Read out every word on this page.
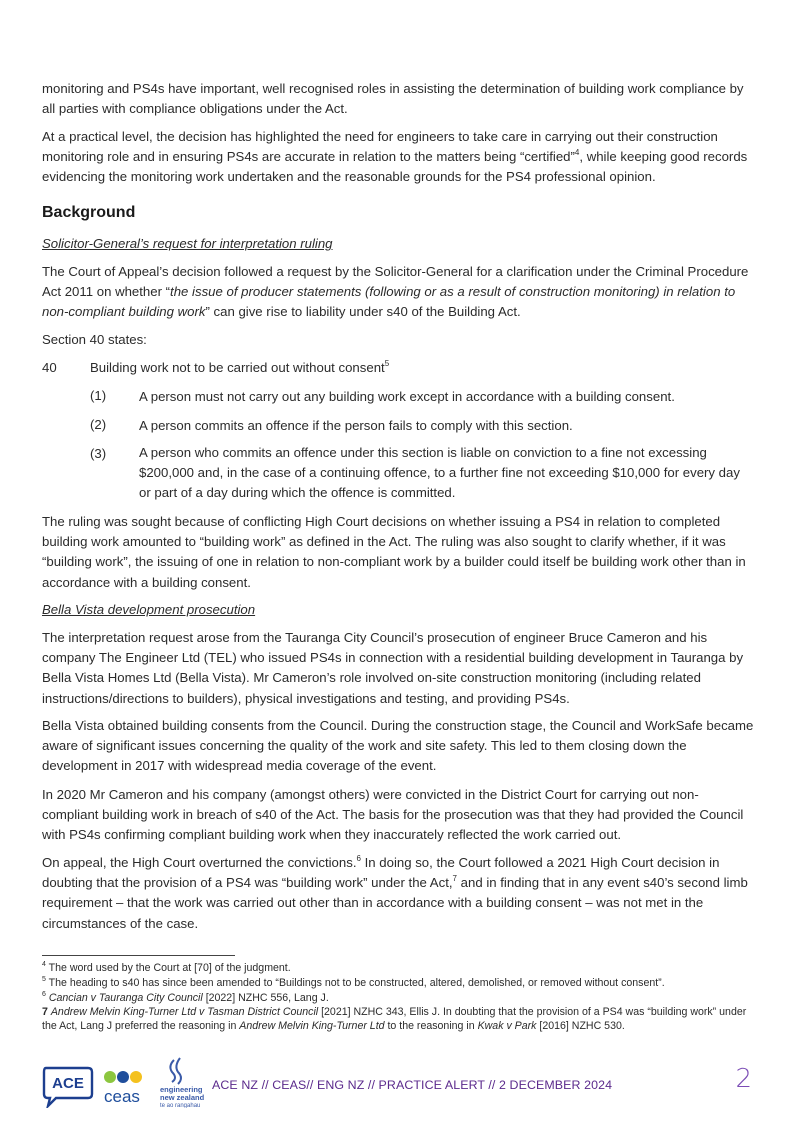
monitoring and PS4s have important, well recognised roles in assisting the determination of building work compliance by all parties with compliance obligations under the Act.
At a practical level, the decision has highlighted the need for engineers to take care in carrying out their construction monitoring role and in ensuring PS4s are accurate in relation to the matters being “certified”$^4$, while keeping good records evidencing the monitoring work undertaken and the reasonable grounds for the PS4 professional opinion.
Background
Solicitor-General’s request for interpretation ruling
The Court of Appeal’s decision followed a request by the Solicitor-General for a clarification under the Criminal Procedure Act 2011 on whether “the issue of producer statements (following or as a result of construction monitoring) in relation to non-compliant building work” can give rise to liability under s40 of the Building Act.
Section 40 states:
40	Building work not to be carried out without consent$^5$
(1) A person must not carry out any building work except in accordance with a building consent.
(2) A person commits an offence if the person fails to comply with this section.
(3) A person who commits an offence under this section is liable on conviction to a fine not excessing $200,000 and, in the case of a continuing offence, to a further fine not exceeding $10,000 for every day or part of a day during which the offence is committed.
The ruling was sought because of conflicting High Court decisions on whether issuing a PS4 in relation to completed building work amounted to “building work” as defined in the Act. The ruling was also sought to clarify whether, if it was “building work”, the issuing of one in relation to non-compliant work by a builder could itself be building work other than in accordance with a building consent.
Bella Vista development prosecution
The interpretation request arose from the Tauranga City Council’s prosecution of engineer Bruce Cameron and his company The Engineer Ltd (TEL) who issued PS4s in connection with a residential building development in Tauranga by Bella Vista Homes Ltd (Bella Vista). Mr Cameron’s role involved on-site construction monitoring (including related instructions/directions to builders), physical investigations and testing, and providing PS4s.
Bella Vista obtained building consents from the Council. During the construction stage, the Council and WorkSafe became aware of significant issues concerning the quality of the work and site safety. This led to them closing down the development in 2017 with widespread media coverage of the event.
In 2020 Mr Cameron and his company (amongst others) were convicted in the District Court for carrying out non-compliant building work in breach of s40 of the Act. The basis for the prosecution was that they had provided the Council with PS4s confirming compliant building work when they inaccurately reflected the work carried out.
On appeal, the High Court overturned the convictions.$^6$ In doing so, the Court followed a 2021 High Court decision in doubting that the provision of a PS4 was “building work” under the Act,$^7$ and in finding that in any event s40’s second limb requirement – that the work was carried out other than in accordance with a building consent – was not met in the circumstances of the case.
$^4$ The word used by the Court at [70] of the judgment.
$^5$ The heading to s40 has since been amended to “Buildings not to be constructed, altered, demolished, or removed without consent”.
$^6$ Cancian v Tauranga City Council [2022] NZHC 556, Lang J.
7 Andrew Melvin King-Turner Ltd v Tasman District Council [2021] NZHC 343, Ellis J. In doubting that the provision of a PS4 was “building work” under the Act, Lang J preferred the reasoning in Andrew Melvin King-Turner Ltd to the reasoning in Kwak v Park [2016] NZHC 530.
ACE
ceas	engineering
new zealand
te ao rangahau
ACE NZ // CEAS// ENG NZ // PRACTICE ALERT // 2 DECEMBER 2024	2
